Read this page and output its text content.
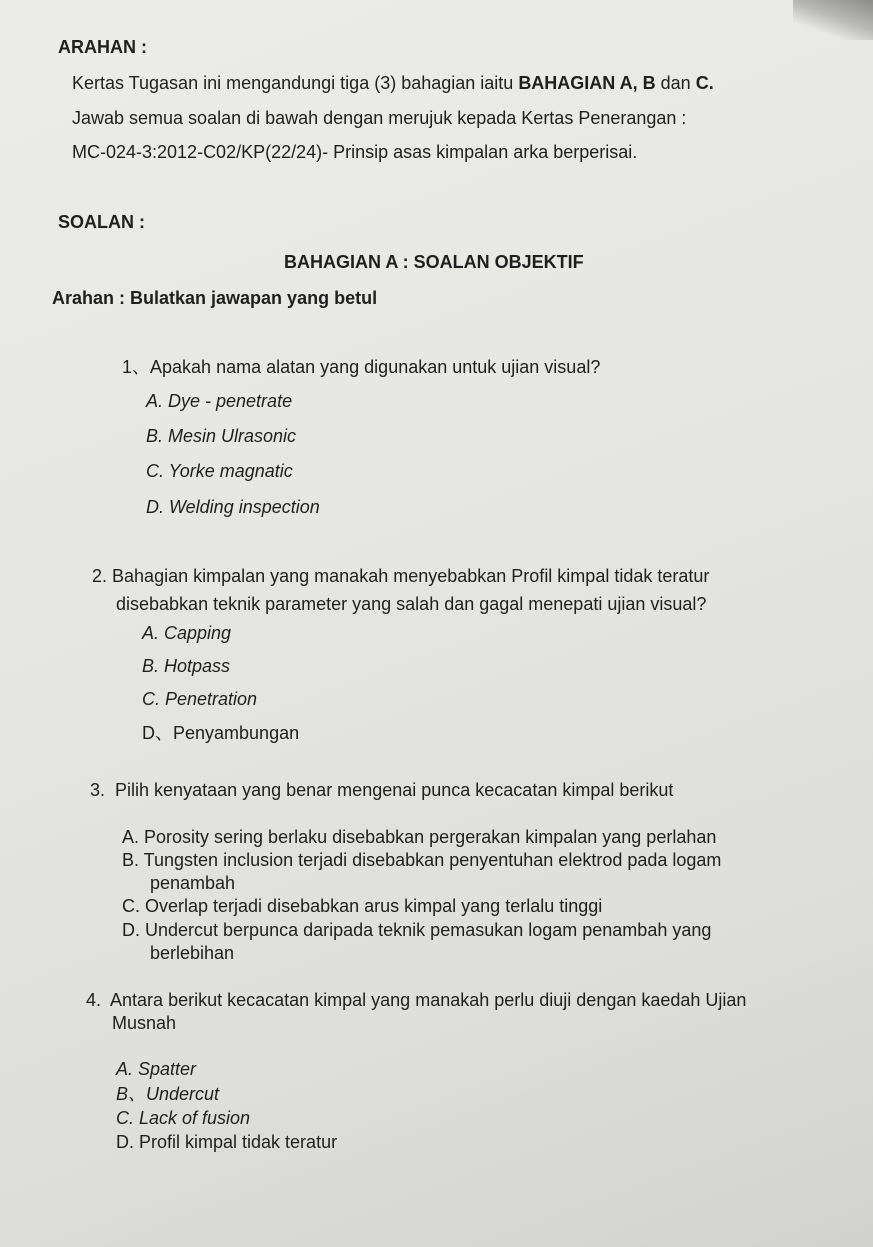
ARAHAN :
Kertas Tugasan ini mengandungi tiga (3) bahagian iaitu BAHAGIAN A, B dan C.
Jawab semua soalan di bawah dengan merujuk kepada Kertas Penerangan :
MC-024-3:2012-C02/KP(22/24)- Prinsip asas kimpalan arka berperisai.
SOALAN :
BAHAGIAN A : SOALAN OBJEKTIF
Arahan : Bulatkan jawapan yang betul
1、Apakah nama alatan yang digunakan untuk ujian visual?
A. Dye - penetrate
B. Mesin Ulrasonic
C. Yorke magnatic
D. Welding inspection
2. Bahagian kimpalan yang manakah menyebabkan Profil kimpal tidak teratur
disebabkan teknik parameter yang salah dan gagal menepati ujian visual?
A. Capping
B. Hotpass
C. Penetration
D、Penyambungan
3. Pilih kenyataan yang benar mengenai punca kecacatan kimpal berikut
A. Porosity sering berlaku disebabkan pergerakan kimpalan yang perlahan
B. Tungsten inclusion terjadi disebabkan penyentuhan elektrod pada logam
penambah
C. Overlap terjadi disebabkan arus kimpal yang terlalu tinggi
D. Undercut berpunca daripada teknik pemasukan logam penambah yang
berlebihan
4. Antara berikut kecacatan kimpal yang manakah perlu diuji dengan kaedah Ujian
Musnah
A. Spatter
B、Undercut
C. Lack of fusion
D. Profil kimpal tidak teratur
